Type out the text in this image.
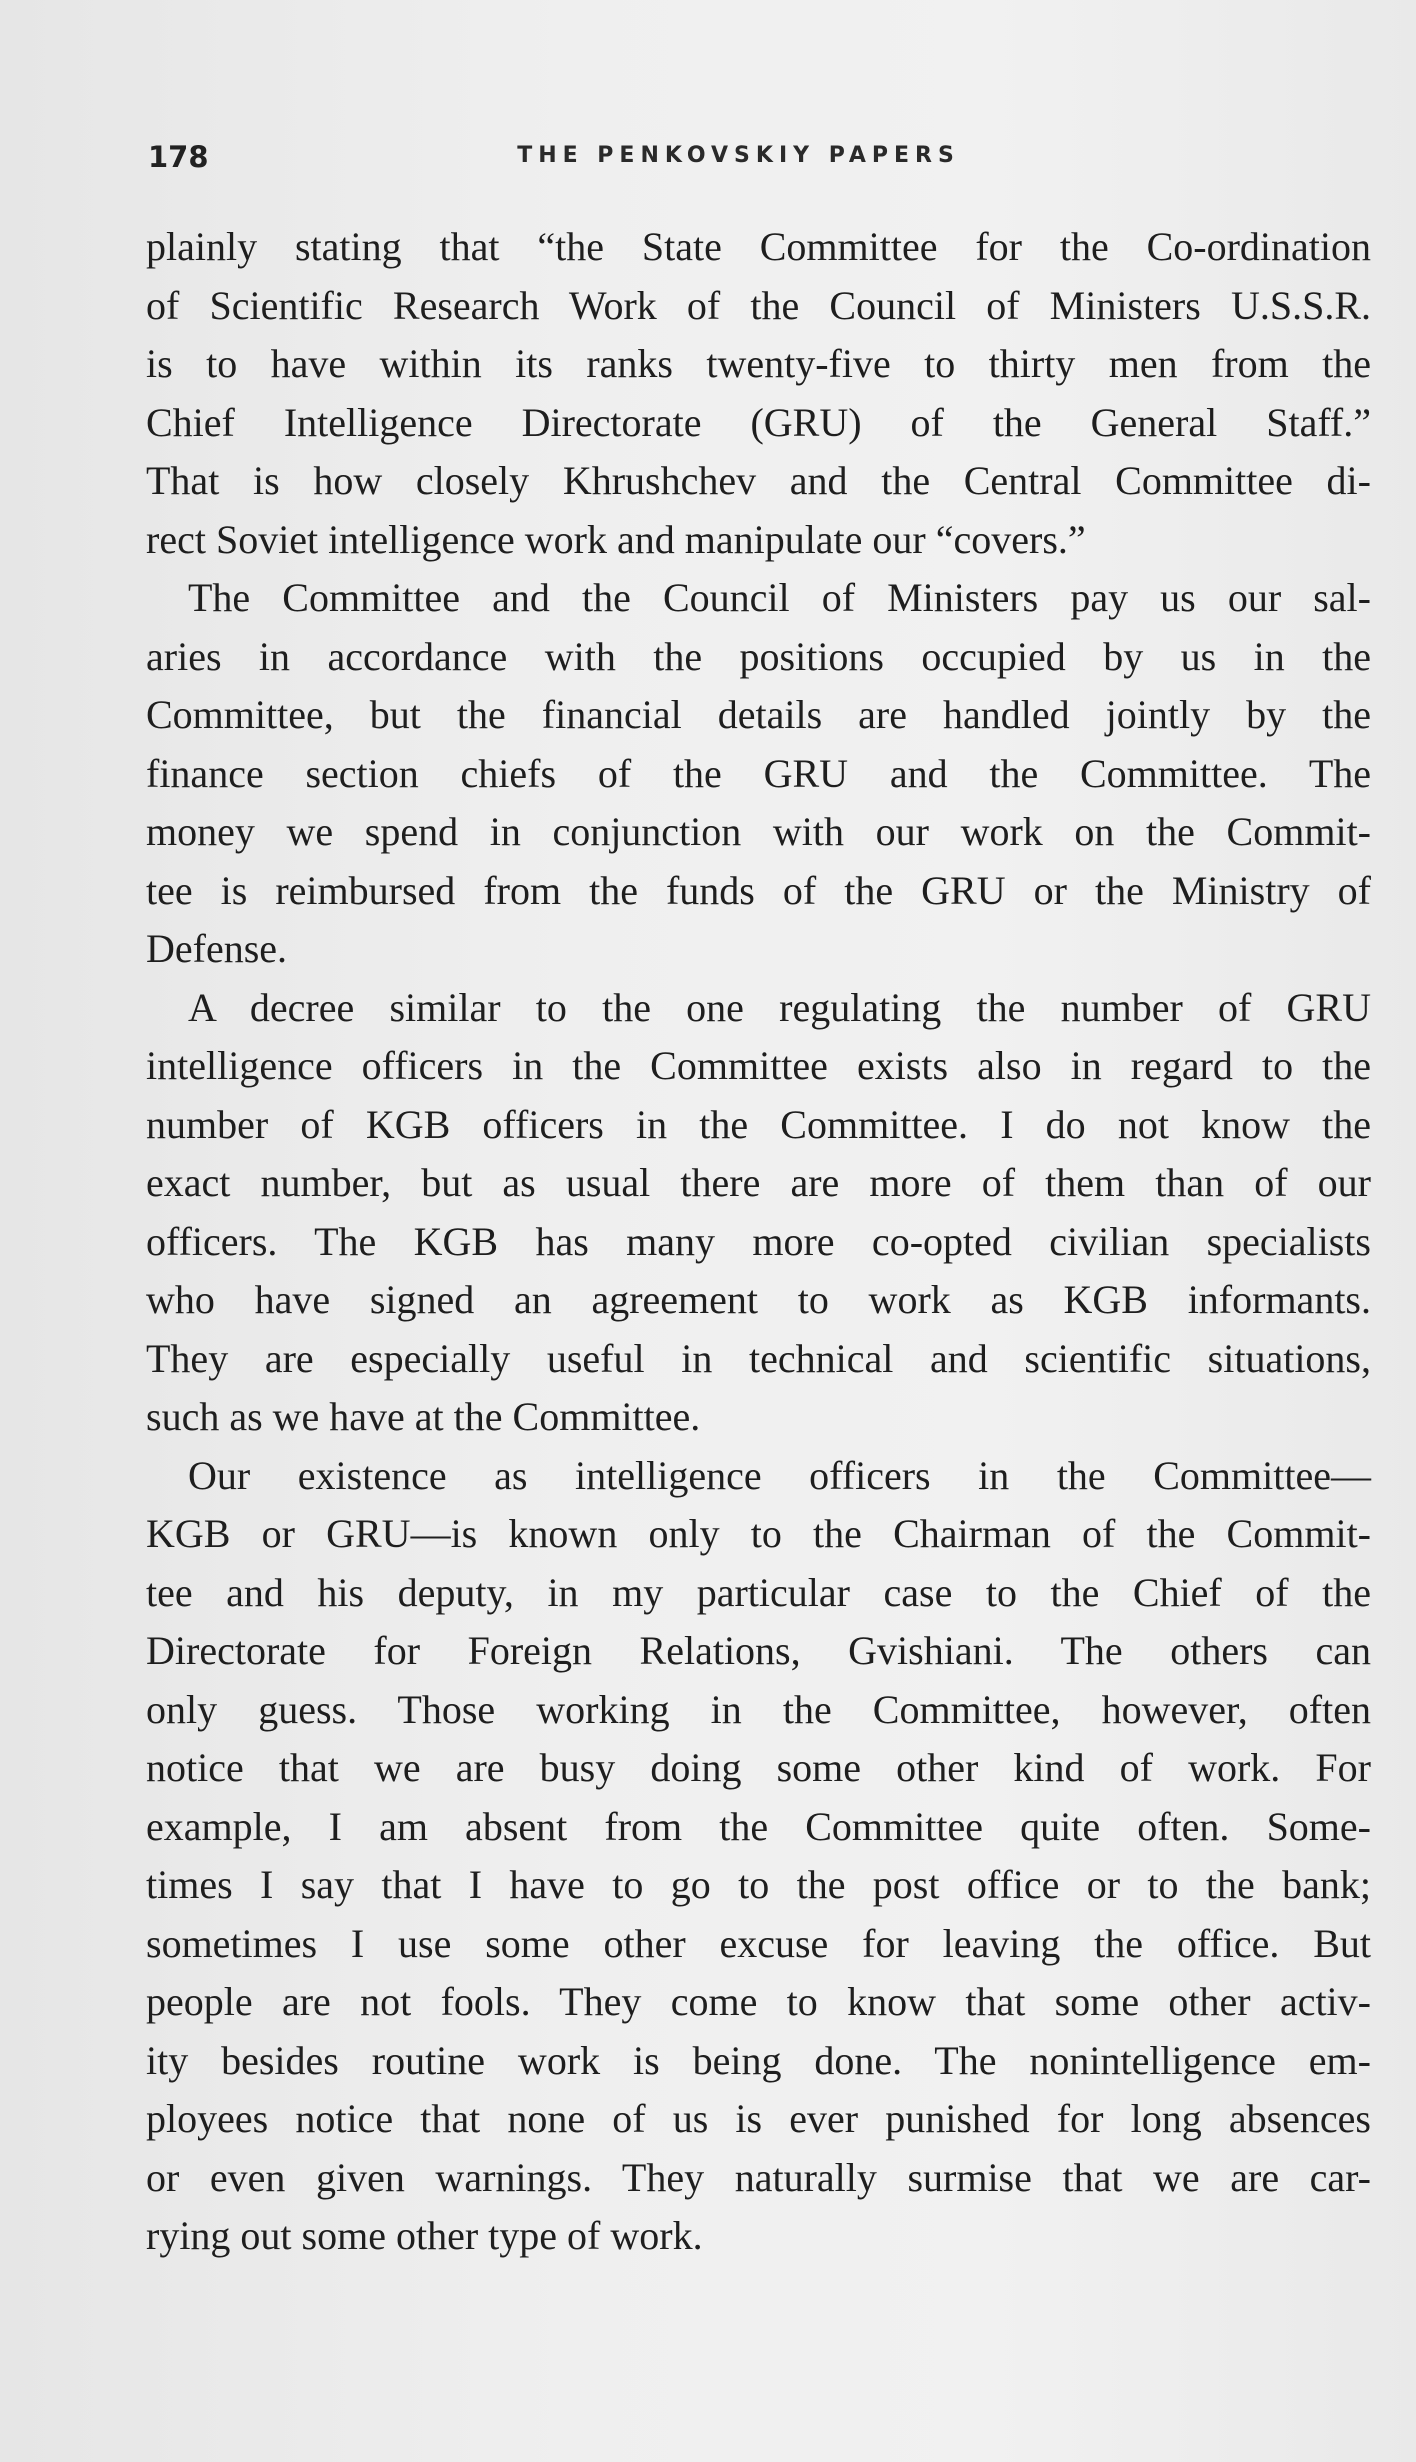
178	THE PENKOVSKIY PAPERS
plainly stating that “the State Committee for the Co-ordination
of Scientific Research Work of the Council of Ministers U.S.S.R.
is to have within its ranks twenty-five to thirty men from the
Chief Intelligence Directorate (GRU) of the General Staff.”
That is how closely Khrushchev and the Central Committee di-
rect Soviet intelligence work and manipulate our “covers.”
The Committee and the Council of Ministers pay us our sal-
aries in accordance with the positions occupied by us in the
Committee, but the financial details are handled jointly by the
finance section chiefs of the GRU and the Committee. The
money we spend in conjunction with our work on the Commit-
tee is reimbursed from the funds of the GRU or the Ministry of
Defense.
A decree similar to the one regulating the number of GRU
intelligence officers in the Committee exists also in regard to the
number of KGB officers in the Committee. I do not know the
exact number, but as usual there are more of them than of our
officers. The KGB has many more co-opted civilian specialists
who have signed an agreement to work as KGB informants.
They are especially useful in technical and scientific situations,
such as we have at the Committee.
Our existence as intelligence officers in the Committee—
KGB or GRU—is known only to the Chairman of the Commit-
tee and his deputy, in my particular case to the Chief of the
Directorate for Foreign Relations, Gvishiani. The others can
only guess. Those working in the Committee, however, often
notice that we are busy doing some other kind of work. For
example, I am absent from the Committee quite often. Some-
times I say that I have to go to the post office or to the bank;
sometimes I use some other excuse for leaving the office. But
people are not fools. They come to know that some other activ-
ity besides routine work is being done. The nonintelligence em-
ployees notice that none of us is ever punished for long absences
or even given warnings. They naturally surmise that we are car-
rying out some other type of work.
